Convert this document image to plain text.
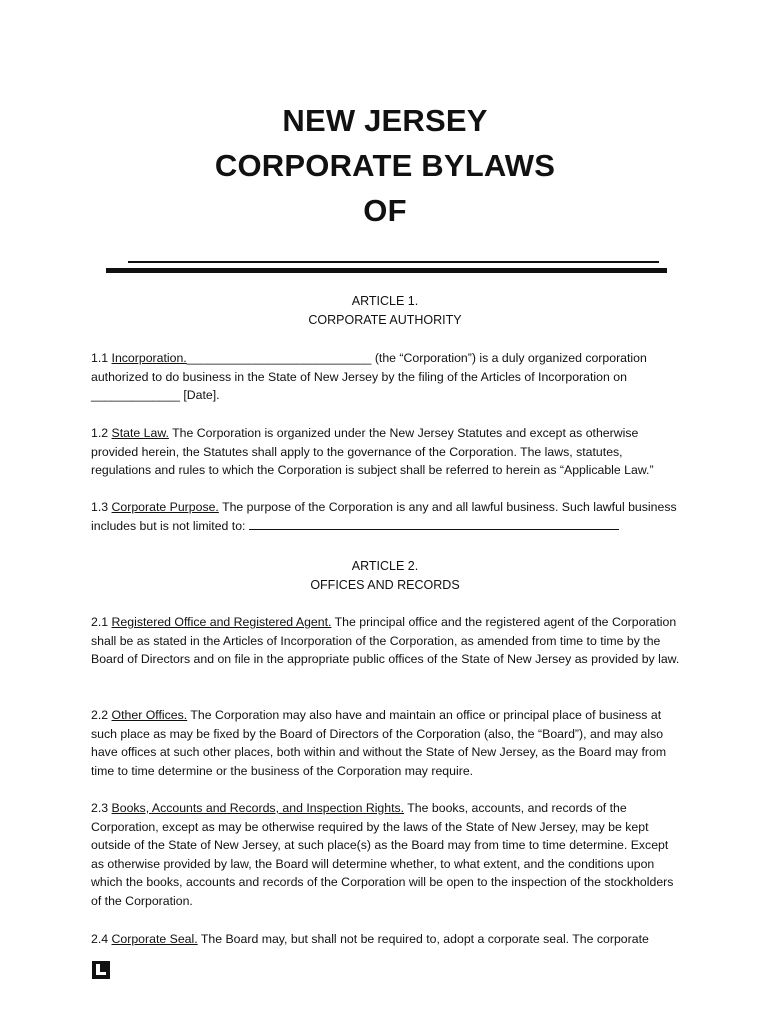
NEW JERSEY
CORPORATE BYLAWS
OF
ARTICLE 1.
CORPORATE AUTHORITY
1.1 Incorporation.___________________________ (the “Corporation”) is a duly organized corporation authorized to do business in the State of New Jersey by the filing of the Articles of Incorporation on _____________ [Date].
1.2 State Law. The Corporation is organized under the New Jersey Statutes and except as otherwise provided herein, the Statutes shall apply to the governance of the Corporation. The laws, statutes, regulations and rules to which the Corporation is subject shall be referred to herein as “Applicable Law.”
1.3 Corporate Purpose. The purpose of the Corporation is any and all lawful business. Such lawful business includes but is not limited to:
ARTICLE 2.
OFFICES AND RECORDS
2.1 Registered Office and Registered Agent. The principal office and the registered agent of the Corporation shall be as stated in the Articles of Incorporation of the Corporation, as amended from time to time by the Board of Directors and on file in the appropriate public offices of the State of New Jersey as provided by law.
2.2 Other Offices. The Corporation may also have and maintain an office or principal place of business at such place as may be fixed by the Board of Directors of the Corporation (also, the “Board”), and may also have offices at such other places, both within and without the State of New Jersey, as the Board may from time to time determine or the business of the Corporation may require.
2.3 Books, Accounts and Records, and Inspection Rights. The books, accounts, and records of the Corporation, except as may be otherwise required by the laws of the State of New Jersey, may be kept outside of the State of New Jersey, at such place(s) as the Board may from time to time determine. Except as otherwise provided by law, the Board will determine whether, to what extent, and the conditions upon which the books, accounts and records of the Corporation will be open to the inspection of the stockholders of the Corporation.
2.4 Corporate Seal. The Board may, but shall not be required to, adopt a corporate seal. The corporate
